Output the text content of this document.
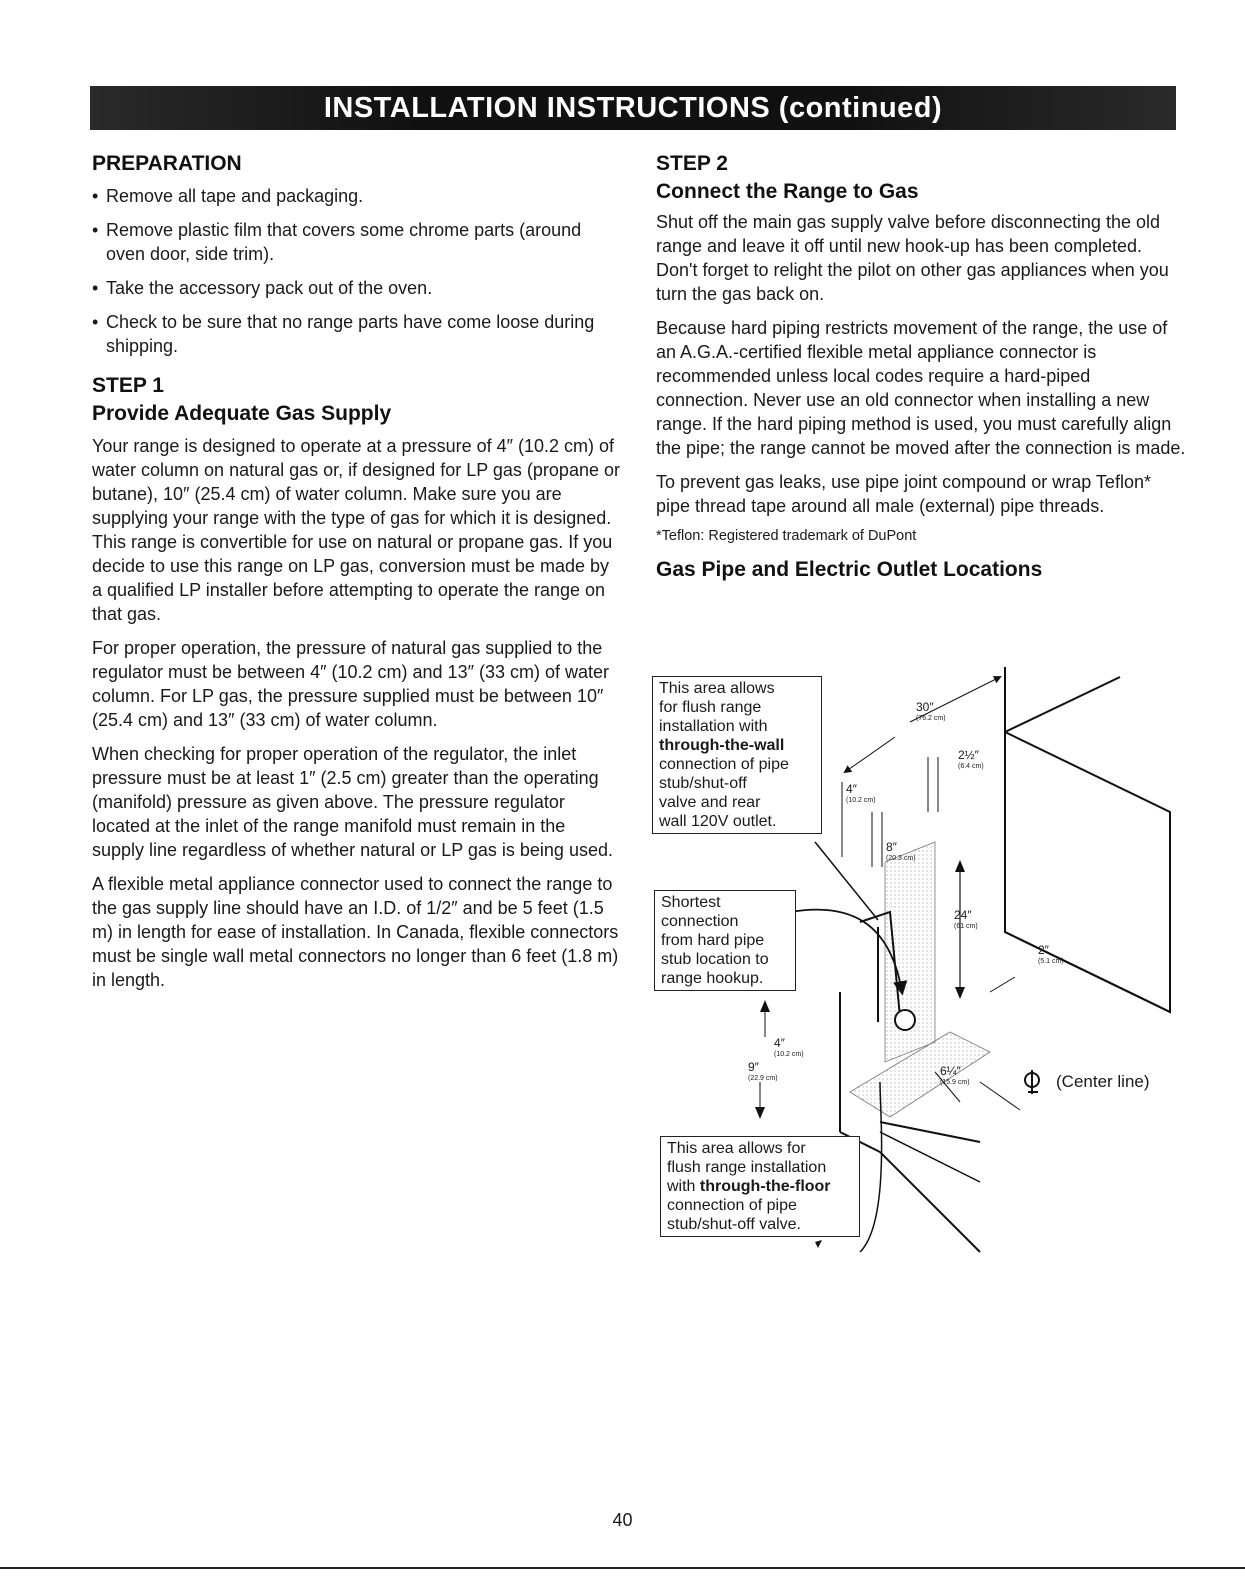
INSTALLATION INSTRUCTIONS (continued)
PREPARATION
• Remove all tape and packaging.
• Remove plastic film that covers some chrome parts (around oven door, side trim).
• Take the accessory pack out of the oven.
• Check to be sure that no range parts have come loose during shipping.
STEP 1
Provide Adequate Gas Supply

Your range is designed to operate at a pressure of 4″ (10.2 cm) of water column on natural gas or, if designed for LP gas (propane or butane), 10″ (25.4 cm) of water column. Make sure you are supplying your range with the type of gas for which it is designed. This range is convertible for use on natural or propane gas. If you decide to use this range on LP gas, conversion must be made by a qualified LP installer before attempting to operate the range on that gas.

For proper operation, the pressure of natural gas supplied to the regulator must be between 4″ (10.2 cm) and 13″ (33 cm) of water column. For LP gas, the pressure supplied must be between 10″ (25.4 cm) and 13″ (33 cm) of water column.

When checking for proper operation of the regulator, the inlet pressure must be at least 1″ (2.5 cm) greater than the operating (manifold) pressure as given above. The pressure regulator located at the inlet of the range manifold must remain in the supply line regardless of whether natural or LP gas is being used.

A flexible metal appliance connector used to connect the range to the gas supply line should have an I.D. of 1/2″ and be 5 feet (1.5 m) in length for ease of installation. In Canada, flexible connectors must be single wall metal connectors no longer than 6 feet (1.8 m) in length.

STEP 2
Connect the Range to Gas

Shut off the main gas supply valve before disconnecting the old range and leave it off until new hook-up has been completed. Don't forget to relight the pilot on other gas appliances when you turn the gas back on.

Because hard piping restricts movement of the range, the use of an A.G.A.-certified flexible metal appliance connector is recommended unless local codes require a hard-piped connection. Never use an old connector when installing a new range. If the hard piping method is used, you must carefully align the pipe; the range cannot be moved after the connection is made.

To prevent gas leaks, use pipe joint compound or wrap Teflon* pipe thread tape around all male (external) pipe threads.

*Teflon: Registered trademark of DuPont

Gas Pipe and Electric Outlet Locations
This area allows
for flush range
installation with
through-the-wall
connection of pipe
stub/shut-off
valve and rear
wall 120V outlet.
Shortest
connection
from hard pipe
stub location to
range hookup.
This area allows for
flush range installation
with through-the-floor
connection of pipe
stub/shut-off valve.
30″
(76.2 cm)
2½″
(6.4 cm)
4″
(10.2 cm)
8″
(20.3 cm)
24″
(61 cm)
2″
(5.1 cm)
4″
(10.2 cm)
9″
(22.9 cm)
6¼″
(15.9 cm)	(Center line)
40
